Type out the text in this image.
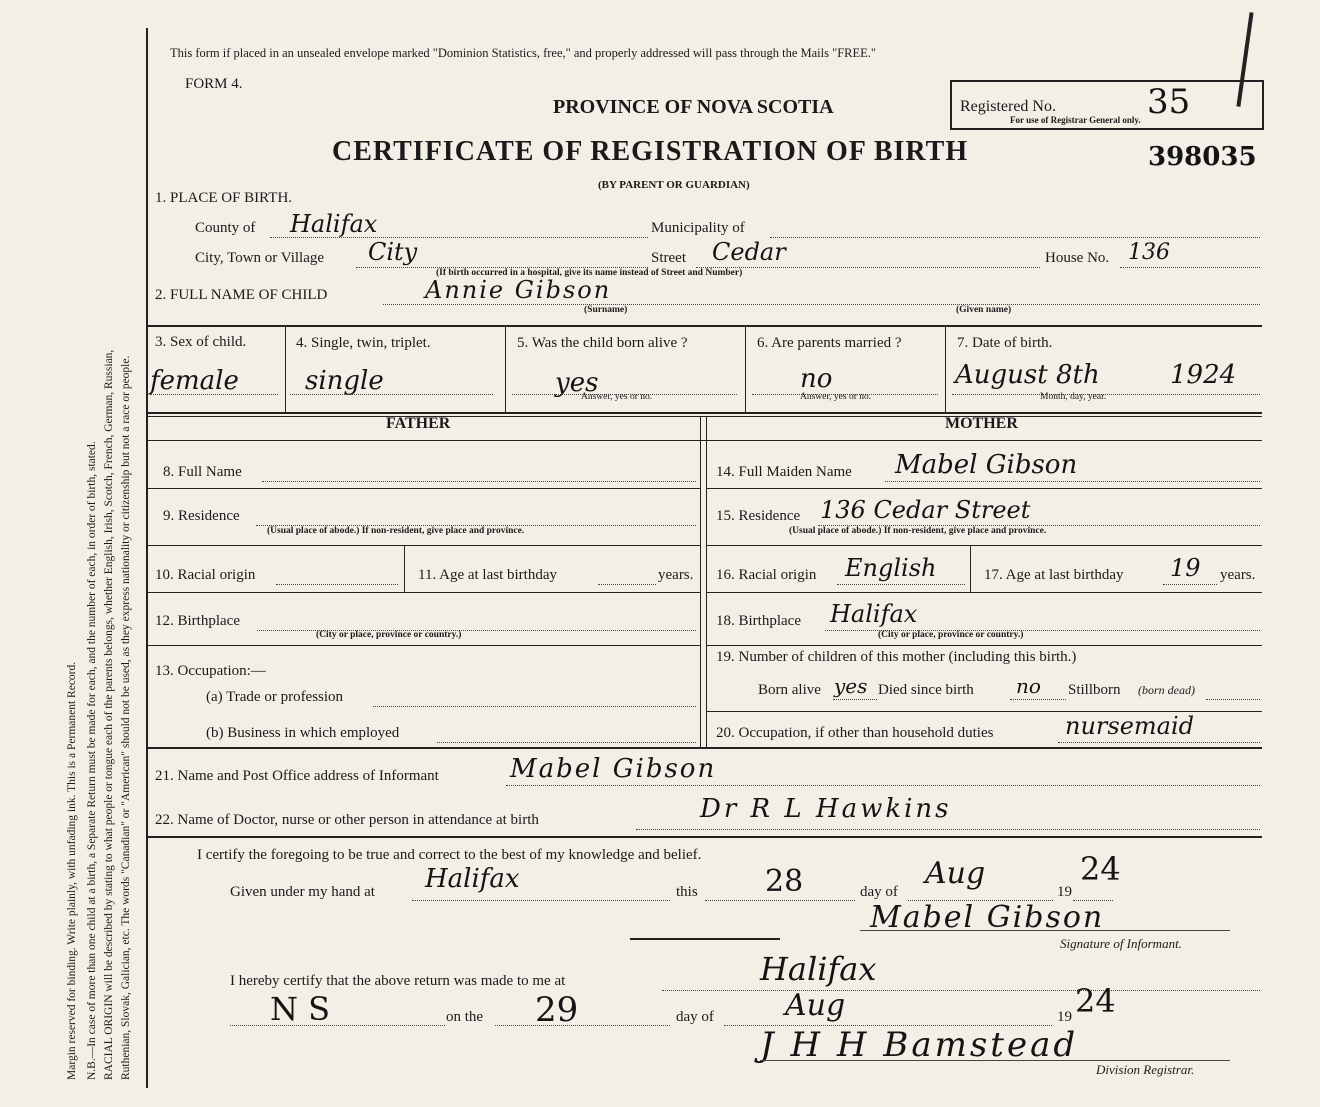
Margin reserved for binding. Write plainly, with unfading ink. This is a Permanent Record. N.B.—In case of more than one child at a birth, a Separate Return must be made for each, and the number of each, in order of birth, stated. RACIAL ORIGIN will be described by stating to what people or tongue each of the parents belongs, whether English, Irish, Scotch, French, German, Russian, Ruthenian, Slovak, Galician, etc. The words "Canadian" or "American" should not be used, as they express nationality or citizenship but not a race or people.
This form if placed in an unsealed envelope marked "Dominion Statistics, free," and properly addressed will pass through the Mails "FREE."
FORM 4.
PROVINCE OF NOVA SCOTIA	Registered No.	35
For use of Registrar General only.
CERTIFICATE OF REGISTRATION OF BIRTH	398035
(BY PARENT OR GUARDIAN)
1. PLACE OF BIRTH.
County of Halifax	Municipality of
City, Town or Village City	Street Cedar
(If birth occurred in a hospital, give its name instead of Street and Number)
House No. 136
2. FULL NAME OF CHILD	Annie Gibson
(Surname)	(Given name)
3. Sex of child.
female
4. Single, twin, triplet.
single
5. Was the child born alive ?
yes
Answer, yes or no.
6. Are parents married ?
no
Answer, yes or no.
7. Date of birth.
August 8th	1924
Month, day, year.
FATHER	MOTHER
8. Full Name
9. Residence
(Usual place of abode.) If non-resident, give place and province.
10. Racial origin	11. Age at last birthday	years.
12. Birthplace
(City or place, province or country.)
13. Occupation:—
(a) Trade or profession
(b) Business in which employed
14. Full Maiden Name Mabel Gibson
15. Residence 136 Cedar Street
(Usual place of abode.) If non-resident, give place and province.
16. Racial origin English	17. Age at last birthday 19 years.
18. Birthplace Halifax
(City or place, province or country.)
19. Number of children of this mother (including this birth.)
Born alive yes Died since birth no Stillborn (born dead)
20. Occupation, if other than household duties	nursemaid
21. Name and Post Office address of Informant	Mabel Gibson
22. Name of Doctor, nurse or other person in attendance at birth	Dr R L Hawkins
I certify the foregoing to be true and correct to the best of my knowledge and belief.
Given under my hand at Halifax	this 28	day of
Aug
19
24
Mabel Gibson
Signature of Informant.
I hereby certify that the above return was made to me at	Halifax
N S	on the 29	day of Aug	19 24
J H H Bamstead
Division Registrar.
